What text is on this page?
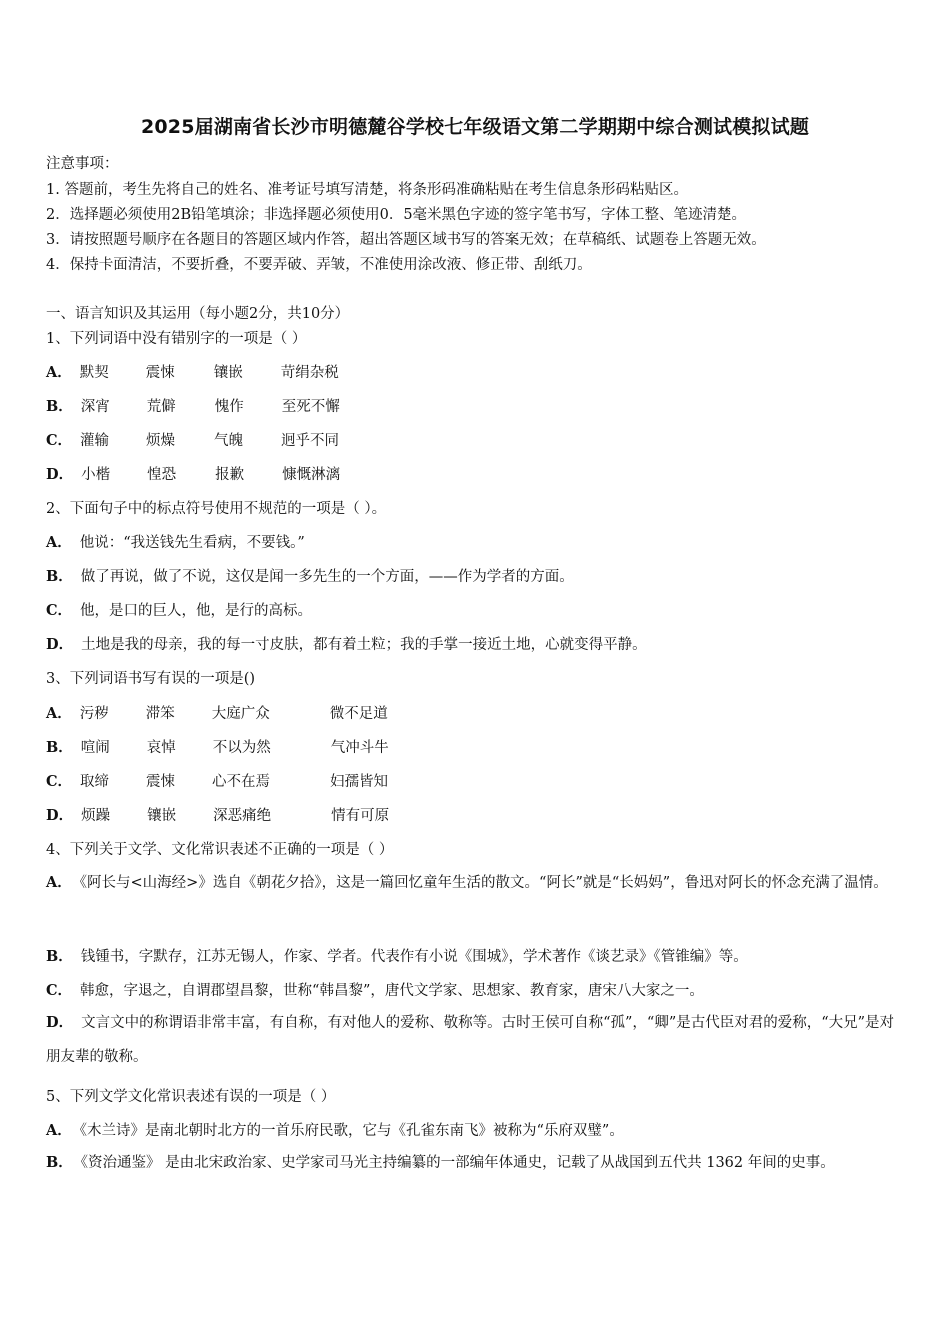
2025届湖南省长沙市明德麓谷学校七年级语文第二学期期中综合测试模拟试题
注意事项：
1. 答题前，考生先将自己的姓名、准考证号填写清楚，将条形码准确粘贴在考生信息条形码粘贴区。
2．选择题必须使用2B铅笔填涂；非选择题必须使用0．5毫米黑色字迹的签字笔书写，字体工整、笔迹清楚。
3．请按照题号顺序在各题目的答题区域内作答，超出答题区域书写的答案无效；在草稿纸、试题卷上答题无效。
4．保持卡面清洁，不要折叠，不要弄破、弄皱，不准使用涂改液、修正带、刮纸刀。
一、语言知识及其运用（每小题2分，共10分）
1、下列词语中没有错别字的一项是（ ）
A． 默契	震悚	镶嵌	苛绢杂税
B． 深宵	荒僻	愧作	至死不懈
C． 灌输	烦燥	气魄	迥乎不同
D． 小楷	惶恐	报歉	慷慨淋漓
2、下面句子中的标点符号使用不规范的一项是（ ）。
A． 他说：“我送钱先生看病，不要钱。”
B． 做了再说，做了不说，这仅是闻一多先生的一个方面，——作为学者的方面。
C． 他，是口的巨人，他，是行的高标。
D． 土地是我的母亲，我的每一寸皮肤，都有着土粒；我的手掌一接近土地，心就变得平静。
3、下列词语书写有误的一项是()
A． 污秽	滞笨	大庭广众	微不足道
B． 喧闹	哀悼	不以为然	气冲斗牛
C． 取缔	震悚	心不在焉	妇孺皆知
D． 烦躁	镶嵌	深恶痛绝	情有可原
4、下列关于文学、文化常识表述不正确的一项是（ ）
A． 《阿长与<山海经>》选自《朝花夕拾》，这是一篇回忆童年生活的散文。“阿长”就是“长妈妈”，鲁迅对阿长的怀念充满了温情。
B． 钱锺书，字默存，江苏无锡人，作家、学者。代表作有小说《围城》，学术著作《谈艺录》《管锥编》等。
C． 韩愈，字退之，自谓郡望昌黎，世称“韩昌黎”，唐代文学家、思想家、教育家，唐宋八大家之一。
D． 文言文中的称谓语非常丰富，有自称，有对他人的爱称、敬称等。古时王侯可自称“孤”，“卿”是古代臣对君的爱称，“大兄”是对朋友辈的敬称。
5、下列文学文化常识表述有误的一项是（ ）
A． 《木兰诗》是南北朝时北方的一首乐府民歌，它与《孔雀东南飞》被称为“乐府双璧”。
B． 《资治通鉴》 是由北宋政治家、史学家司马光主持编纂的一部编年体通史，记载了从战国到五代共 1362 年间的史事。
